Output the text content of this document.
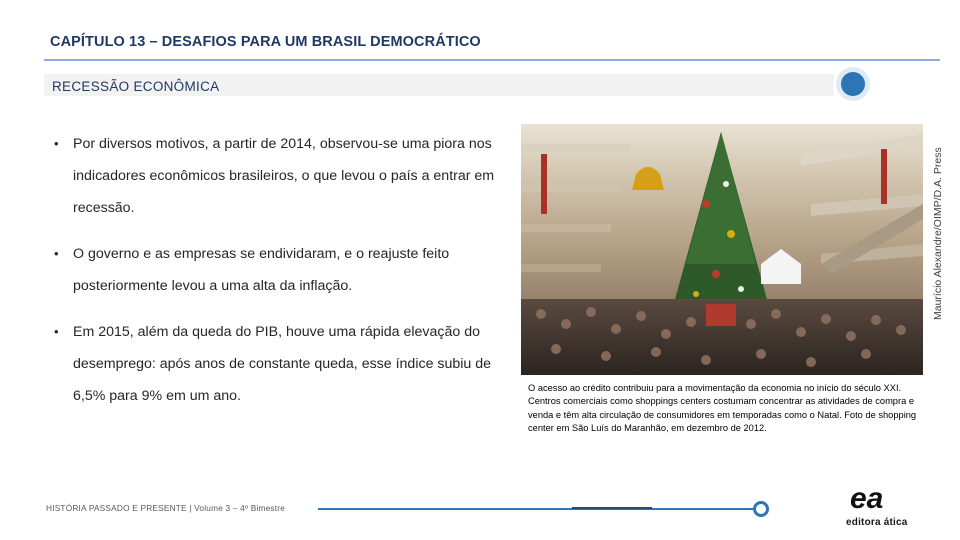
CAPÍTULO 13 – DESAFIOS PARA UM BRASIL DEMOCRÁTICO
RECESSÃO ECONÔMICA
• Por diversos motivos, a partir de 2014, observou-se uma piora nos indicadores econômicos brasileiros, o que levou o país a entrar em recessão.
• O governo e as empresas se endividaram, e o reajuste feito posteriormente levou a uma alta da inflação.
• Em 2015, além da queda do PIB, houve uma rápida elevação do desemprego: após anos de constante queda, esse índice subiu de 6,5% para 9% em um ano.
Maurício Alexandre/OIMP/D.A. Press
O acesso ao crédito contribuiu para a movimentação da economia no início do século XXI. Centros comerciais como shoppings centers costumam concentrar as atividades de compra e venda e têm alta circulação de consumidores em temporadas como o Natal. Foto de shopping center em São Luís do Maranhão, em dezembro de 2012.
HISTÓRIA PASSADO E PRESENTE | Volume 3 – 4º Bimestre	ea
editora ática
